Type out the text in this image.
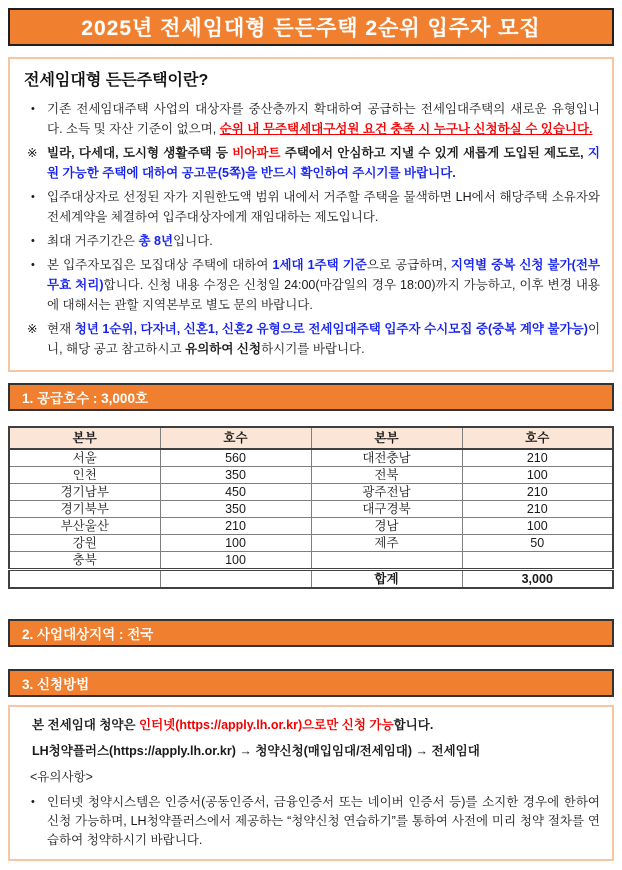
2025년 전세임대형 든든주택 2순위 입주자 모집
전세임대형 든든주택이란?
• 기존 전세임대주택 사업의 대상자를 중산층까지 확대하여 공급하는 전세임대주택의 새로운 유형입니다. 소득 및 자산 기준이 없으며, 순위 내 무주택세대구성원 요건 충족 시 누구나 신청하실 수 있습니다.
※ 빌라, 다세대, 도시형 생활주택 등 비아파트 주택에서 안심하고 지낼 수 있게 새롭게 도입된 제도로, 지원 가능한 주택에 대하여 공고문(5쪽)을 반드시 확인하여 주시기를 바랍니다.
• 입주대상자로 선정된 자가 지원한도액 범위 내에서 거주할 주택을 물색하면 LH에서 해당주택 소유자와 전세계약을 체결하여 입주대상자에게 재임대하는 제도입니다.
• 최대 거주기간은 총 8년입니다.
• 본 입주자모집은 모집대상 주택에 대하여 1세대 1주택 기준으로 공급하며, 지역별 중복 신청 불가(전부 무효 처리)합니다. 신청 내용 수정은 신청일 24:00(마감일의 경우 18:00)까지 가능하고, 이후 변경 내용에 대해서는 관할 지역본부로 별도 문의 바랍니다.
※ 현재 청년 1순위, 다자녀, 신혼1, 신혼2 유형으로 전세임대주택 입주자 수시모집 중(중복 계약 불가능)이니, 해당 공고 참고하시고 유의하여 신청하시기를 바랍니다.
1. 공급호수 : 3,000호
본부	호수	본부	호수
서울	560	대전충남	210
인천	350	전북	100
경기남부	450	광주전남	210
경기북부	350	대구경북	210
부산울산	210	경남	100
강원	100	제주	50
충북	100		
		합계	3,000
2. 사업대상지역 : 전국
3. 신청방법
본 전세임대 청약은 인터넷(https://apply.lh.or.kr)으로만 신청 가능합니다.
LH청약플러스(https://apply.lh.or.kr) → 청약신청(매입임대/전세임대) → 전세임대
<유의사항>
• 인터넷 청약시스템은 인증서(공동인증서, 금융인증서 또는 네이버 인증서 등)를 소지한 경우에 한하여 신청 가능하며, LH청약플러스에서 제공하는 “청약신청 연습하기”를 통하여 사전에 미리 청약 절차를 연습하여 청약하시기 바랍니다.
